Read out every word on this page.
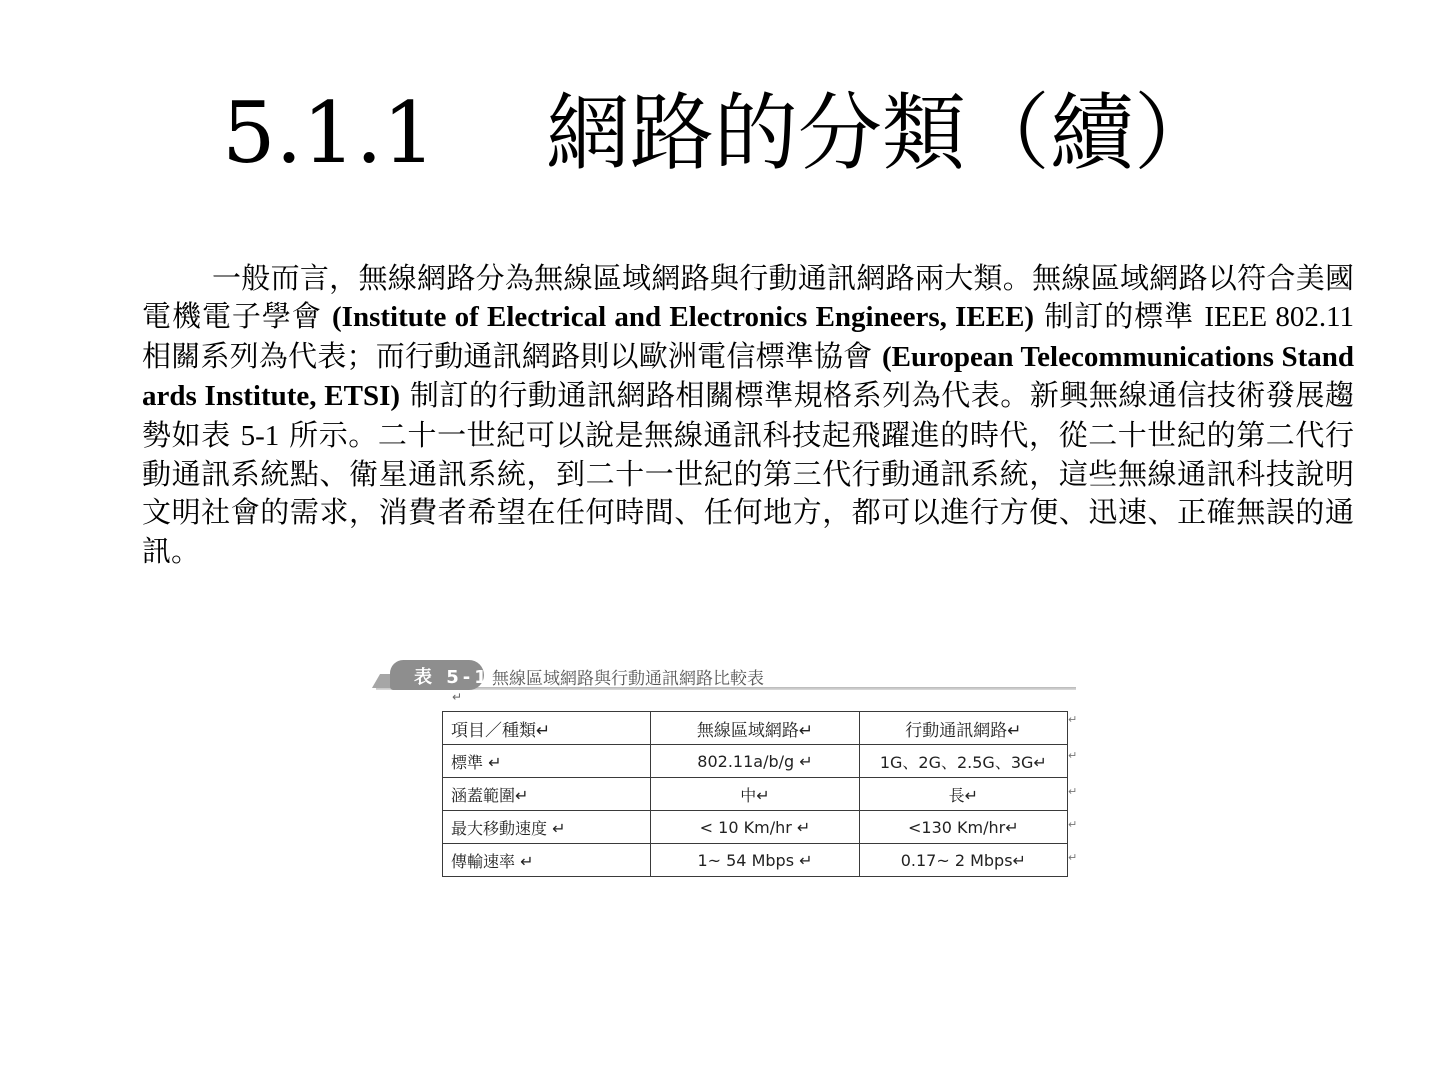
5.1.1 網路的分類（續）

一般而言，無線網路分為無線區域網路與行動通訊網路兩大類。無線區域網路以符合美國電機電子學會 (Institute of Electrical and Electronics Engineers, IEEE) 制訂的標準 IEEE 802.11 相關系列為代表；而行動通訊網路則以歐洲電信標準協會 (European Telecommunications Standards Institute, ETSI) 制訂的行動通訊網路相關標準規格系列為代表。新興無線通信技術發展趨勢如表 5-1 所示。二十一世紀可以說是無線通訊科技起飛躍進的時代，從二十世紀的第二代行動通訊系統點、衛星通訊系統，到二十一世紀的第三代行動通訊系統，這些無線通訊科技說明文明社會的需求，消費者希望在任何時間、任何地方，都可以進行方便、迅速、正確無誤的通訊。

表 5-1 無線區域網路與行動通訊網路比較表
↵
項目／種類↵	無線區域網路↵	行動通訊網路↵
標準 ↵	802.11a/b/g ↵	1G、2G、2.5G、3G↵
涵蓋範圍↵	中↵	長↵
最大移動速度 ↵	< 10 Km/hr ↵	<130 Km/hr↵
傳輸速率 ↵	1~ 54 Mbps ↵	0.17~ 2 Mbps↵
↵
↵
↵
↵
↵
